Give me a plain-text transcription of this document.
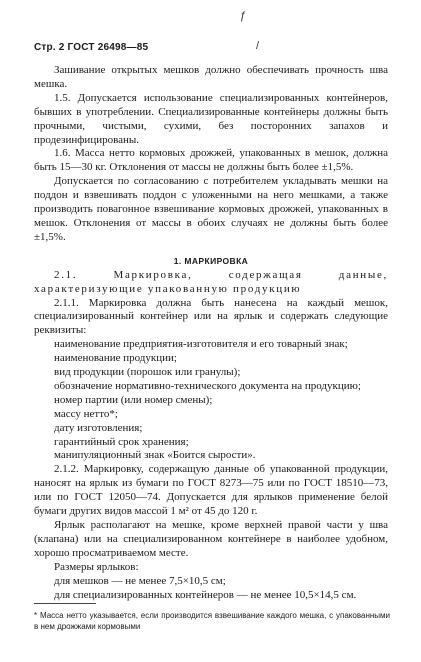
ƒ
/
Стр. 2 ГОСТ 26498—85

Зашивание открытых мешков должно обеспечивать прочность шва мешка.

1.5. Допускается использование специализированных контейнеров, бывших в употреблении. Специализированные контейнеры должны быть прочными, чистыми, сухими, без посторонних запахов и продезинфицированы.

1.6. Масса нетто кормовых дрожжей, упакованных в мешок, должна быть 15—30 кг. Отклонения от массы не должны быть более ±1,5%.

Допускается по согласованию с потребителем укладывать мешки на поддон и взвешивать поддон с уложенными на него мешками, а также производить повагонное взвешивание кормовых дрожжей, упакованных в мешок. Отклонения от массы в обоих случаях не должны быть более ±1,5%.

1. МАРКИРОВКА

2.1. Маркировка, содержащая данные, характеризующие упакованную продукцию

2.1.1. Маркировка должна быть нанесена на каждый мешок, специализированный контейнер или на ярлык и содержать следующие реквизиты:

наименование предприятия-изготовителя и его товарный знак;

наименование продукции;

вид продукции (порошок или гранулы);

обозначение нормативно-технического документа на продукцию;

номер партии (или номер смены);

массу нетто*;

дату изготовления;

гарантийный срок хранения;

манипуляционный знак «Боится сырости».

2.1.2. Маркировку, содержащую данные об упакованной продукции, наносят на ярлык из бумаги по ГОСТ 8273—75 или по ГОСТ 18510—73, или по ГОСТ 12050—74. Допускается для ярлыков применение белой бумаги других видов массой 1 м² от 45 до 120 г.

Ярлык располагают на мешке, кроме верхней правой части у шва (клапана) или на специализированном контейнере в наиболее удобном, хорошо просматриваемом месте.

Размеры ярлыков:

для мешков — не менее 7,5×10,5 см;

для специализированных контейнеров — не менее 10,5×14,5 см.

* Масса нетто указывается, если производится взвешивание каждого мешка, с упакованными в нем дрожжами кормовыми
